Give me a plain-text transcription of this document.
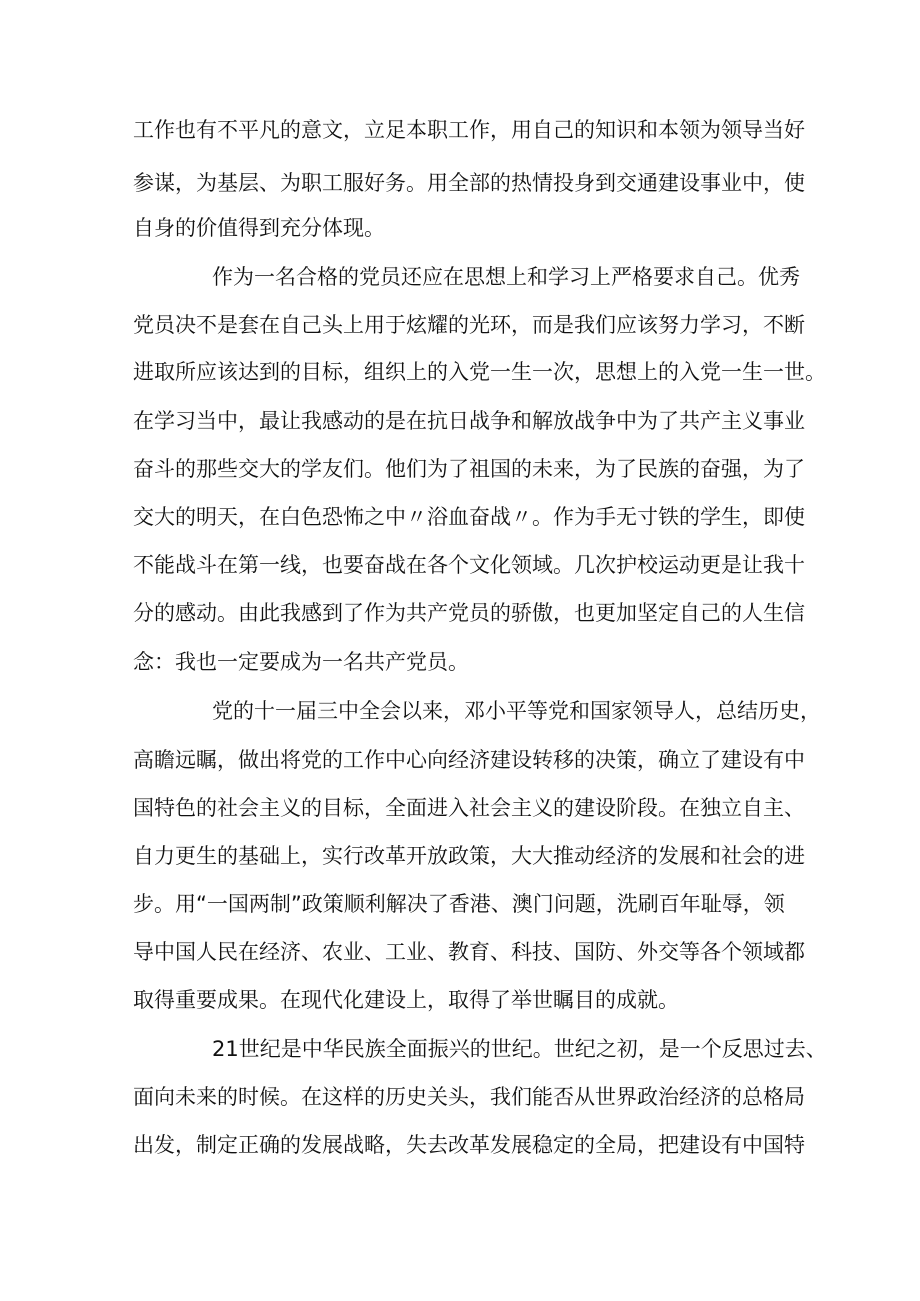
工作也有不平凡的意文，立足本职工作，用自己的知识和本领为领导当好
参谋，为基层、为职工服好务。用全部的热情投身到交通建设事业中，使
自身的价值得到充分体现。
作为一名合格的党员还应在思想上和学习上严格要求自己。优秀
党员决不是套在自己头上用于炫耀的光环，而是我们应该努力学习，不断
进取所应该达到的目标，组织上的入党一生一次，思想上的入党一生一世。
在学习当中，最让我感动的是在抗日战争和解放战争中为了共产主义事业
奋斗的那些交大的学友们。他们为了祖国的未来，为了民族的奋强，为了
交大的明天，在白色恐怖之中〃浴血奋战〃。作为手无寸铁的学生，即使
不能战斗在第一线，也要奋战在各个文化领域。几次护校运动更是让我十
分的感动。由此我感到了作为共产党员的骄傲，也更加坚定自己的人生信
念：我也一定要成为一名共产党员。
党的十一届三中全会以来，邓小平等党和国家领导人，总结历史，
高瞻远瞩，做出将党的工作中心向经济建设转移的决策，确立了建设有中
国特色的社会主义的目标，全面进入社会主义的建设阶段。在独立自主、
自力更生的基础上，实行改革开放政策，大大推动经济的发展和社会的进
步。用“一国两制”政策顺利解决了香港、澳门问题，洗刷百年耻辱，领
导中国人民在经济、农业、工业、教育、科技、国防、外交等各个领域都
取得重要成果。在现代化建设上，取得了举世瞩目的成就。
21世纪是中华民族全面振兴的世纪。世纪之初，是一个反思过去、
面向未来的时候。在这样的历史关头，我们能否从世界政治经济的总格局
出发，制定正确的发展战略，失去改革发展稳定的全局，把建设有中国特
